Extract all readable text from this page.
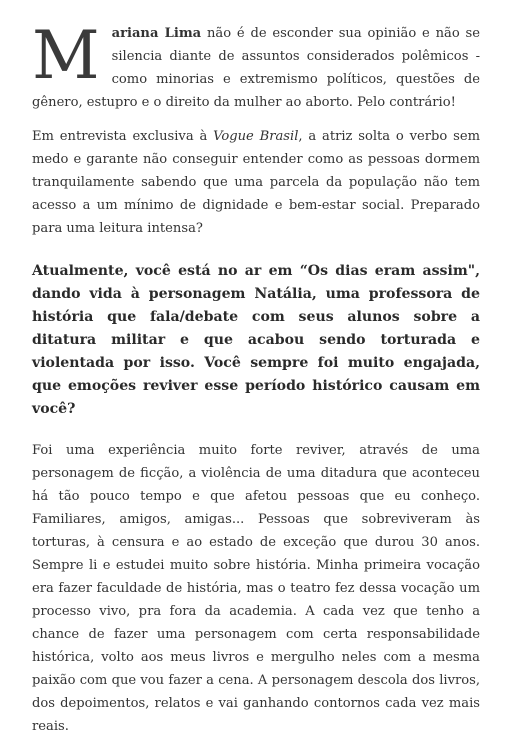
Mariana Lima não é de esconder sua opinião e não se silencia diante de assuntos considerados polêmicos - como minorias e extremismo políticos, questões de gênero, estupro e o direito da mulher ao aborto. Pelo contrário!

Em entrevista exclusiva à Vogue Brasil, a atriz solta o verbo sem medo e garante não conseguir entender como as pessoas dormem tranquilamente sabendo que uma parcela da população não tem acesso a um mínimo de dignidade e bem-estar social. Preparado para uma leitura intensa?

Atualmente, você está no ar em “Os dias eram assim", dando vida à personagem Natália, uma professora de história que fala/debate com seus alunos sobre a ditatura militar e que acabou sendo torturada e violentada por isso. Você sempre foi muito engajada, que emoções reviver esse período histórico causam em você?

Foi uma experiência muito forte reviver, através de uma personagem de ficção, a violência de uma ditadura que aconteceu há tão pouco tempo e que afetou pessoas que eu conheço. Familiares, amigos, amigas... Pessoas que sobreviveram às torturas, à censura e ao estado de exceção que durou 30 anos. Sempre li e estudei muito sobre história. Minha primeira vocação era fazer faculdade de história, mas o teatro fez dessa vocação um processo vivo, pra fora da academia. A cada vez que tenho a chance de fazer uma personagem com certa responsabilidade histórica, volto aos meus livros e mergulho neles com a mesma paixão com que vou fazer a cena. A personagem descola dos livros, dos depoimentos, relatos e vai ganhando contornos cada vez mais reais.
